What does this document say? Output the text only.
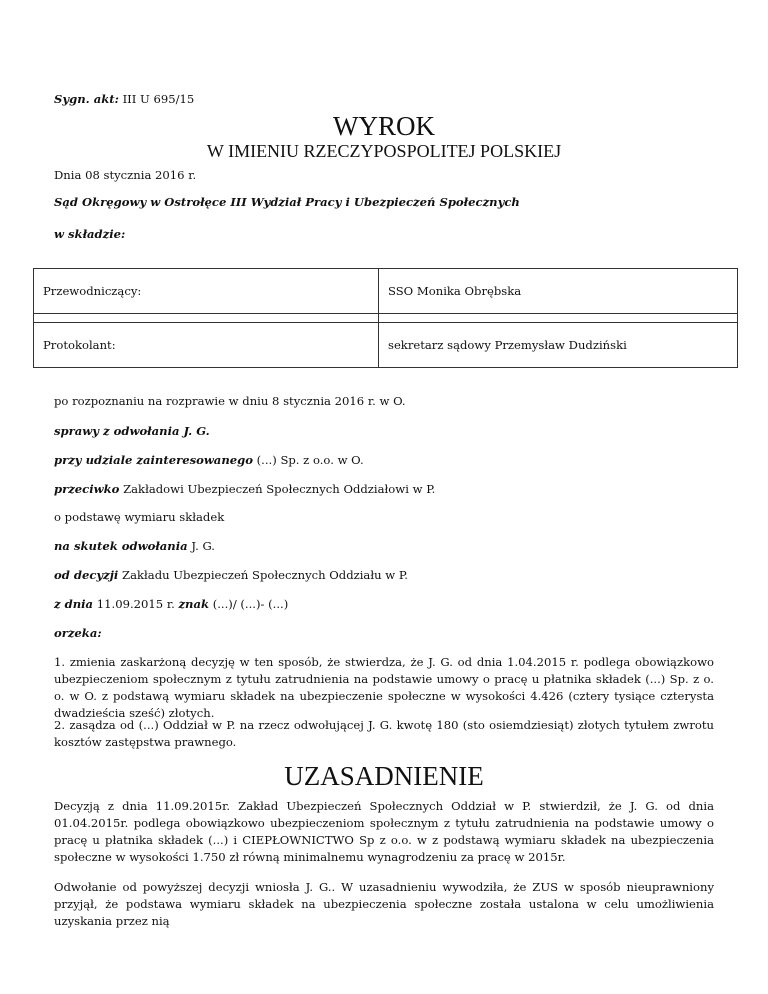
Sygn. akt: III U 695/15
WYROK
W IMIENIU RZECZYPOSPOLITEJ POLSKIEJ
Dnia 08 stycznia 2016 r.
Sąd Okręgowy w Ostrołęce III Wydział Pracy i Ubezpieczeń Społecznych
w składzie:
Przewodniczący:	SSO Monika Obrębska

Protokolant:	sekretarz sądowy Przemysław Dudziński
po rozpoznaniu na rozprawie w dniu 8 stycznia 2016 r. w O.
sprawy z odwołania J. G.
przy udziale zainteresowanego (...) Sp. z o.o. w O.
przeciwko Zakładowi Ubezpieczeń Społecznych Oddziałowi w P.
o podstawę wymiaru składek
na skutek odwołania J. G.
od decyzji Zakładu Ubezpieczeń Społecznych Oddziału w P.
z dnia 11.09.2015 r. znak (...)/ (...)- (...)
orzeka:
1. zmienia zaskarżoną decyzję w ten sposób, że stwierdza, że J. G. od dnia 1.04.2015 r. podlega obowiązkowo ubezpieczeniom społecznym z tytułu zatrudnienia na podstawie umowy o pracę u płatnika składek (...) Sp. z o. o. w O. z podstawą wymiaru składek na ubezpieczenie społeczne w wysokości 4.426 (cztery tysiące czterysta dwadzieścia sześć) złotych.
2. zasądza od (...) Oddział w P. na rzecz odwołującej J. G. kwotę 180 (sto osiemdziesiąt) złotych tytułem zwrotu kosztów zastępstwa prawnego.
UZASADNIENIE
Decyzją z dnia 11.09.2015r. Zakład Ubezpieczeń Społecznych Oddział w P. stwierdził, że J. G. od dnia 01.04.2015r. podlega obowiązkowo ubezpieczeniom społecznym z tytułu zatrudnienia na podstawie umowy o pracę u płatnika składek (...) i CIEPŁOWNICTWO Sp z o.o. w z podstawą wymiaru składek na ubezpieczenia społeczne w wysokości 1.750 zł równą minimalnemu wynagrodzeniu za pracę w 2015r.
Odwołanie od powyższej decyzji wniosła J. G.. W uzasadnieniu wywodziła, że ZUS w sposób nieuprawniony przyjął, że podstawa wymiaru składek na ubezpieczenia społeczne została ustalona w celu umożliwienia uzyskania przez nią
